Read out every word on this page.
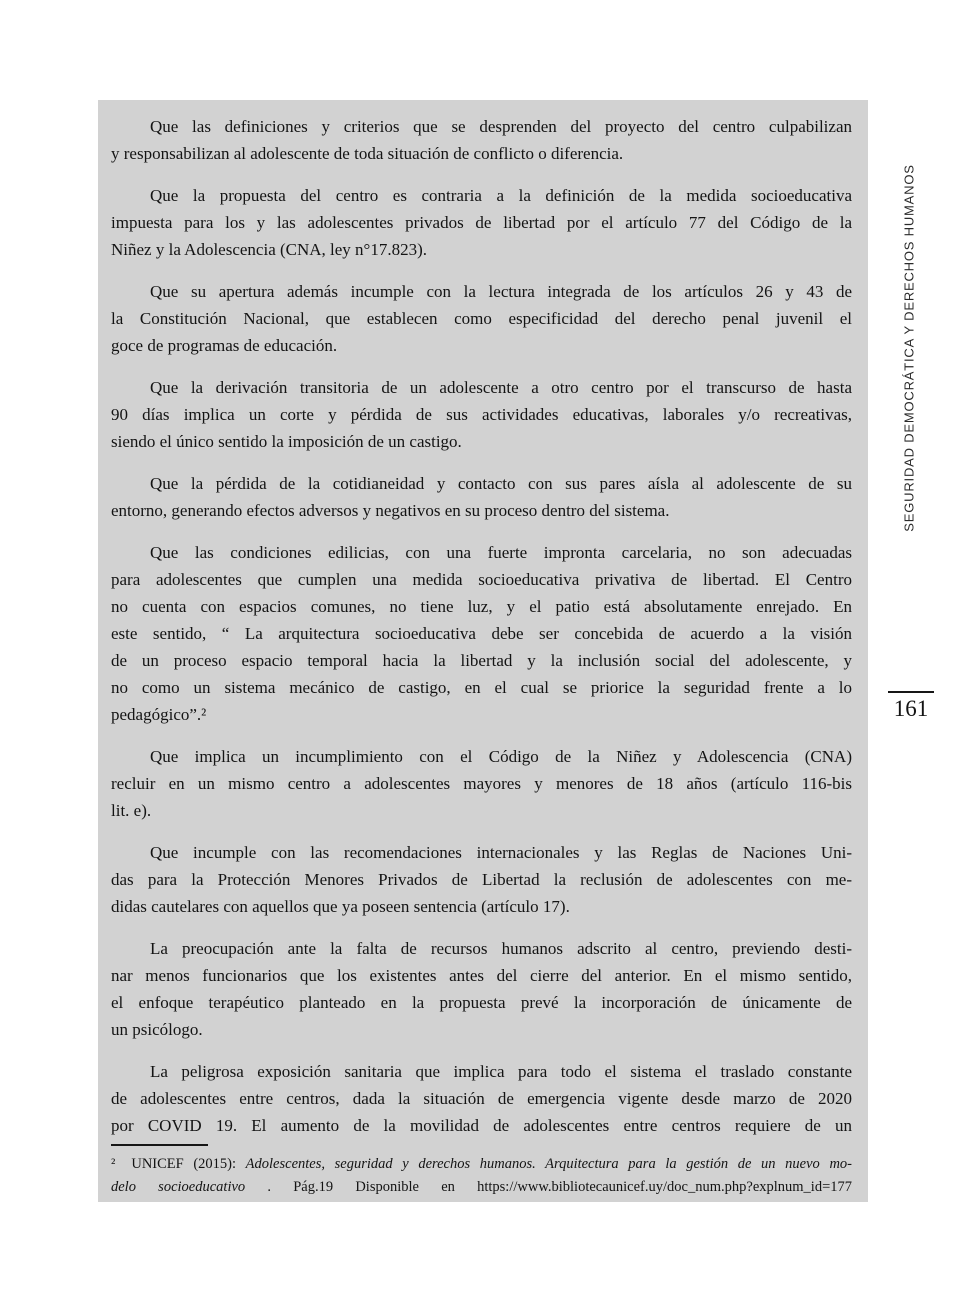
Que las definiciones y criterios que se desprenden del proyecto del centro culpabilizan
y responsabilizan al adolescente de toda situación de conflicto o diferencia.
Que la propuesta del centro es contraria a la definición de la medida socioeducativa
impuesta para los y las adolescentes privados de libertad por el artículo 77 del Código de la
Niñez y la Adolescencia (CNA, ley n°17.823).
Que su apertura además incumple con la lectura integrada de los artículos 26 y 43 de
la Constitución Nacional, que establecen como especificidad del derecho penal juvenil el
goce de programas de educación.
Que la derivación transitoria de un adolescente a otro centro por el transcurso de hasta
90 días implica un corte y pérdida de sus actividades educativas, laborales y/o recreativas,
siendo el único sentido la imposición de un castigo.
Que la pérdida de la cotidianeidad y contacto con sus pares aísla al adolescente de su
entorno, generando efectos adversos y negativos en su proceso dentro del sistema.
Que las condiciones edilicias, con una fuerte impronta carcelaria, no son adecuadas
para adolescentes que cumplen una medida socioeducativa privativa de libertad. El Centro
no cuenta con espacios comunes, no tiene luz, y el patio está absolutamente enrejado. En
este sentido, “ La arquitectura socioeducativa debe ser concebida de acuerdo a la visión
de un proceso espacio temporal hacia la libertad y la inclusión social del adolescente, y
no como un sistema mecánico de castigo, en el cual se priorice la seguridad frente a lo
pedagógico”.²
Que implica un incumplimiento con el Código de la Niñez y Adolescencia (CNA)
recluir en un mismo centro a adolescentes mayores y menores de 18 años (artículo 116-bis
lit. e).
Que incumple con las recomendaciones internacionales y las Reglas de Naciones Uni-
das para la Protección Menores Privados de Libertad la reclusión de adolescentes con me-
didas cautelares con aquellos que ya poseen sentencia (artículo 17).
La preocupación ante la falta de recursos humanos adscrito al centro, previendo desti-
nar menos funcionarios que los existentes antes del cierre del anterior. En el mismo sentido,
el enfoque terapéutico planteado en la propuesta prevé la incorporación de únicamente de
un psicólogo.
La peligrosa exposición sanitaria que implica para todo el sistema el traslado constante
de adolescentes entre centros, dada la situación de emergencia vigente desde marzo de 2020
por COVID 19. El aumento de la movilidad de adolescentes entre centros requiere de un
² UNICEF (2015): Adolescentes, seguridad y derechos humanos. Arquitectura para la gestión de un nuevo mo-
delo socioeducativo . Pág.19 Disponible en https://www.bibliotecaunicef.uy/doc_num.php?explnum_id=177
SEGURIDAD DEMOCRÁTICA Y DERECHOS HUMANOS
161
